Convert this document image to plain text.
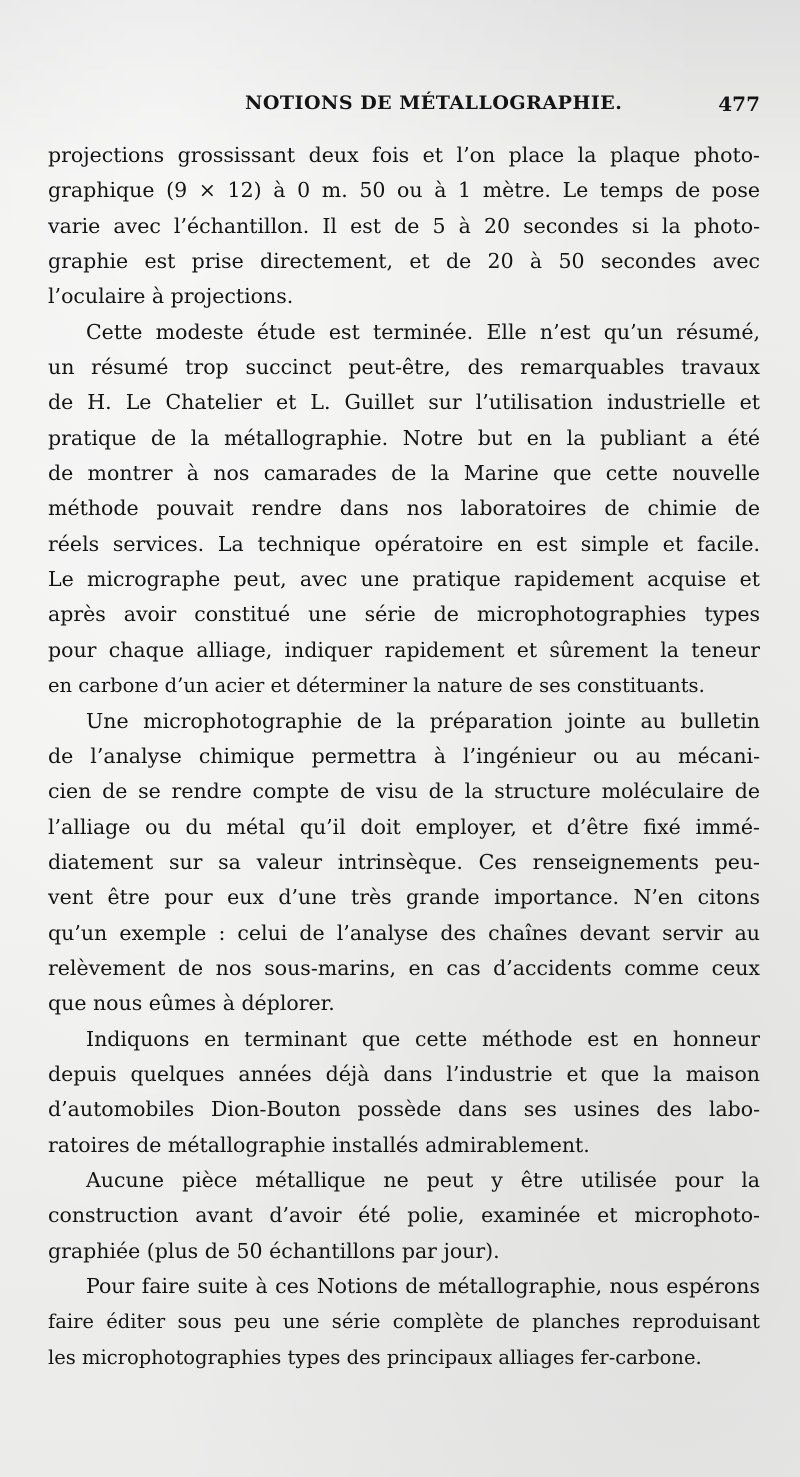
NOTIONS DE MÉTALLOGRAPHIE.	477
projections grossissant deux fois et l’on place la plaque photo-
graphique (9 × 12) à 0 m. 50 ou à 1 mètre. Le temps de pose
varie avec l’échantillon. Il est de 5 à 20 secondes si la photo-
graphie est prise directement, et de 20 à 50 secondes avec
l’oculaire à projections.
Cette modeste étude est terminée. Elle n’est qu’un résumé,
un résumé trop succinct peut-être, des remarquables travaux
de H. Le Chatelier et L. Guillet sur l’utilisation industrielle et
pratique de la métallographie. Notre but en la publiant a été
de montrer à nos camarades de la Marine que cette nouvelle
méthode pouvait rendre dans nos laboratoires de chimie de
réels services. La technique opératoire en est simple et facile.
Le micrographe peut, avec une pratique rapidement acquise et
après avoir constitué une série de microphotographies types
pour chaque alliage, indiquer rapidement et sûrement la teneur
en carbone d’un acier et déterminer la nature de ses constituants.
Une microphotographie de la préparation jointe au bulletin
de l’analyse chimique permettra à l’ingénieur ou au mécani-
cien de se rendre compte de visu de la structure moléculaire de
l’alliage ou du métal qu’il doit employer, et d’être fixé immé-
diatement sur sa valeur intrinsèque. Ces renseignements peu-
vent être pour eux d’une très grande importance. N’en citons
qu’un exemple : celui de l’analyse des chaînes devant servir au
relèvement de nos sous-marins, en cas d’accidents comme ceux
que nous eûmes à déplorer.
Indiquons en terminant que cette méthode est en honneur
depuis quelques années déjà dans l’industrie et que la maison
d’automobiles Dion-Bouton possède dans ses usines des labo-
ratoires de métallographie installés admirablement.
Aucune pièce métallique ne peut y être utilisée pour la
construction avant d’avoir été polie, examinée et microphoto-
graphiée (plus de 50 échantillons par jour).
Pour faire suite à ces Notions de métallographie, nous espérons
faire éditer sous peu une série complète de planches reproduisant
les microphotographies types des principaux alliages fer-carbone.
